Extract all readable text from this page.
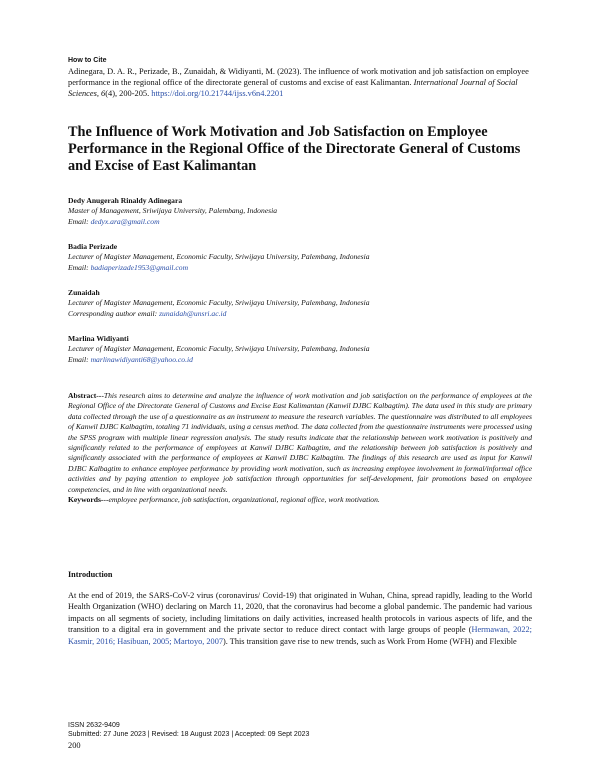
How to Cite
Adinegara, D. A. R., Perizade, B., Zunaidah, & Widiyanti, M. (2023). The influence of work motivation and job satisfaction on employee performance in the regional office of the directorate general of customs and excise of east Kalimantan. International Journal of Social Sciences, 6(4), 200-205. https://doi.org/10.21744/ijss.v6n4.2201
The Influence of Work Motivation and Job Satisfaction on Employee Performance in the Regional Office of the Directorate General of Customs and Excise of East Kalimantan
Dedy Anugerah Rinaldy Adinegara
Master of Management, Sriwijaya University, Palembang, Indonesia
Email: dedyx.ara@gmail.com
Badia Perizade
Lecturer of Magister Management, Economic Faculty, Sriwijaya University, Palembang, Indonesia
Email: badiaperizade1953@gmail.com
Zunaidah
Lecturer of Magister Management, Economic Faculty, Sriwijaya University, Palembang, Indonesia
Corresponding author email: zunaidah@unsri.ac.id
Marlina Widiyanti
Lecturer of Magister Management, Economic Faculty, Sriwijaya University, Palembang, Indonesia
Email: marlinawidiyanti68@yahoo.co.id
Abstract---This research aims to determine and analyze the influence of work motivation and job satisfaction on the performance of employees at the Regional Office of the Directorate General of Customs and Excise East Kalimantan (Kanwil DJBC Kalbagtim). The data used in this study are primary data collected through the use of a questionnaire as an instrument to measure the research variables. The questionnaire was distributed to all employees of Kanwil DJBC Kalbagtim, totaling 71 individuals, using a census method. The data collected from the questionnaire instruments were processed using the SPSS program with multiple linear regression analysis. The study results indicate that the relationship between work motivation is positively and significantly related to the performance of employees at Kanwil DJBC Kalbagtim, and the relationship between job satisfaction is positively and significantly associated with the performance of employees at Kanwil DJBC Kalbagtim. The findings of this research are used as input for Kanwil DJBC Kalbagtim to enhance employee performance by providing work motivation, such as increasing employee involvement in formal/informal office activities and by paying attention to employee job satisfaction through opportunities for self-development, fair promotions based on employee competencies, and in line with organizational needs.
Keywords---employee performance, job satisfaction, organizational, regional office, work motivation.
Introduction
At the end of 2019, the SARS-CoV-2 virus (coronavirus/ Covid-19) that originated in Wuhan, China, spread rapidly, leading to the World Health Organization (WHO) declaring on March 11, 2020, that the coronavirus had become a global pandemic. The pandemic had various impacts on all segments of society, including limitations on daily activities, increased health protocols in various aspects of life, and the transition to a digital era in government and the private sector to reduce direct contact with large groups of people (Hermawan, 2022; Kasmir, 2016; Hasibuan, 2005; Martoyo, 2007). This transition gave rise to new trends, such as Work From Home (WFH) and Flexible
ISSN 2632-9409
Submitted: 27 June 2023 | Revised: 18 August 2023 | Accepted: 09 Sept 2023
200
